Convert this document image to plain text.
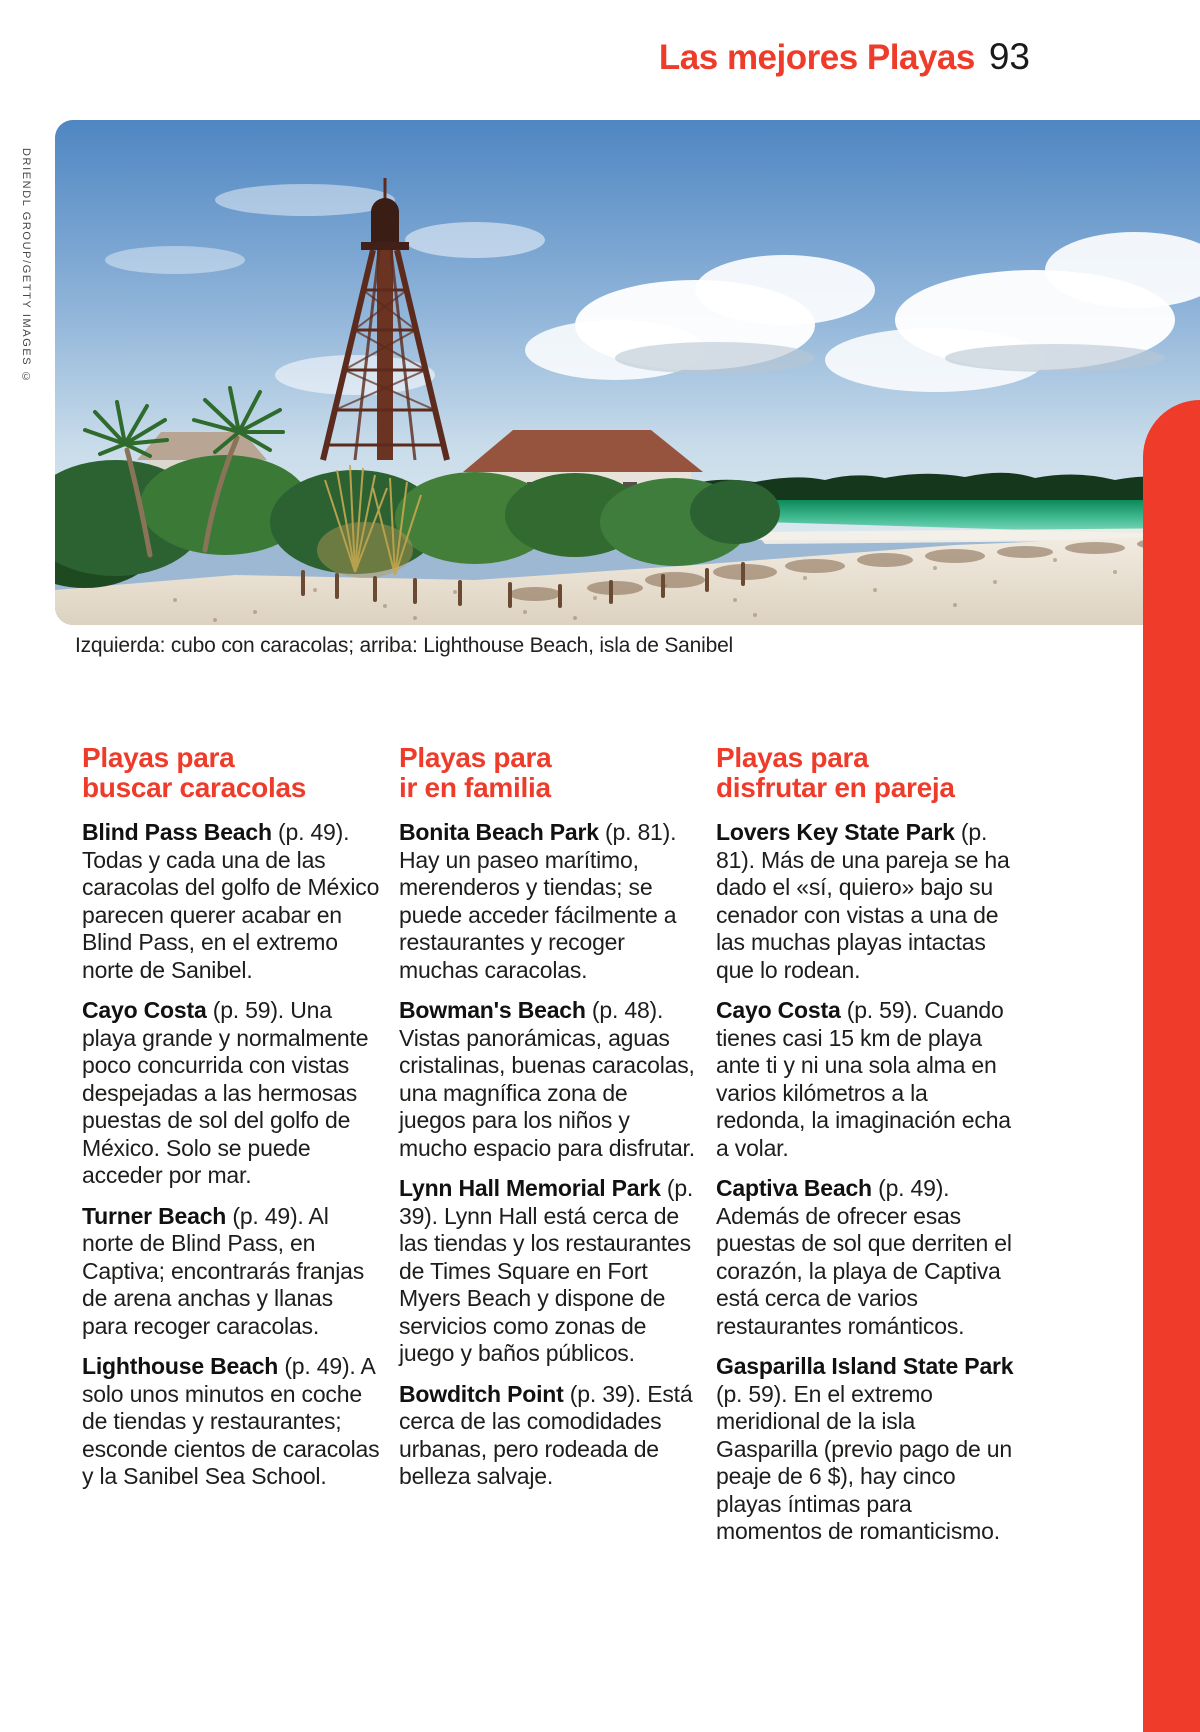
Las mejores Playas 93
DRIENDL GROUP/GETTY IMAGES ©
Izquierda: cubo con caracolas; arriba: Lighthouse Beach, isla de Sanibel
Playas para
buscar caracolas

Blind Pass Beach (p. 49). Todas y cada una de las caracolas del golfo de México parecen querer acabar en Blind Pass, en el extremo norte de Sanibel.

Cayo Costa (p. 59). Una playa grande y normalmente poco concurrida con vistas despejadas a las hermosas puestas de sol del golfo de México. Solo se puede acceder por mar.

Turner Beach (p. 49). Al norte de Blind Pass, en Captiva; encontrarás franjas de arena anchas y llanas para recoger caracolas.

Lighthouse Beach (p. 49). A solo unos minutos en coche de tiendas y restaurantes; esconde cientos de caracolas y la Sanibel Sea School.

Playas para
ir en familia

Bonita Beach Park (p. 81). Hay un paseo marítimo, merenderos y tiendas; se puede acceder fácilmente a restaurantes y recoger muchas caracolas.

Bowman's Beach (p. 48). Vistas panorámicas, aguas cristalinas, buenas caracolas, una magnífica zona de juegos para los niños y mucho espacio para disfrutar.

Lynn Hall Memorial Park (p. 39). Lynn Hall está cerca de las tiendas y los restaurantes de Times Square en Fort Myers Beach y dispone de servicios como zonas de juego y baños públicos.

Bowditch Point (p. 39). Está cerca de las comodidades urbanas, pero rodeada de belleza salvaje.

Playas para
disfrutar en pareja

Lovers Key State Park (p. 81). Más de una pareja se ha dado el «sí, quiero» bajo su cenador con vistas a una de las muchas playas intactas que lo rodean.

Cayo Costa (p. 59). Cuando tienes casi 15 km de playa ante ti y ni una sola alma en varios kilómetros a la redonda, la imaginación echa a volar.

Captiva Beach (p. 49). Además de ofrecer esas puestas de sol que derriten el corazón, la playa de Captiva está cerca de varios restaurantes románticos.

Gasparilla Island State Park (p. 59). En el extremo meridional de la isla Gasparilla (previo pago de un peaje de 6 $), hay cinco playas íntimas para momentos de romanticismo.
